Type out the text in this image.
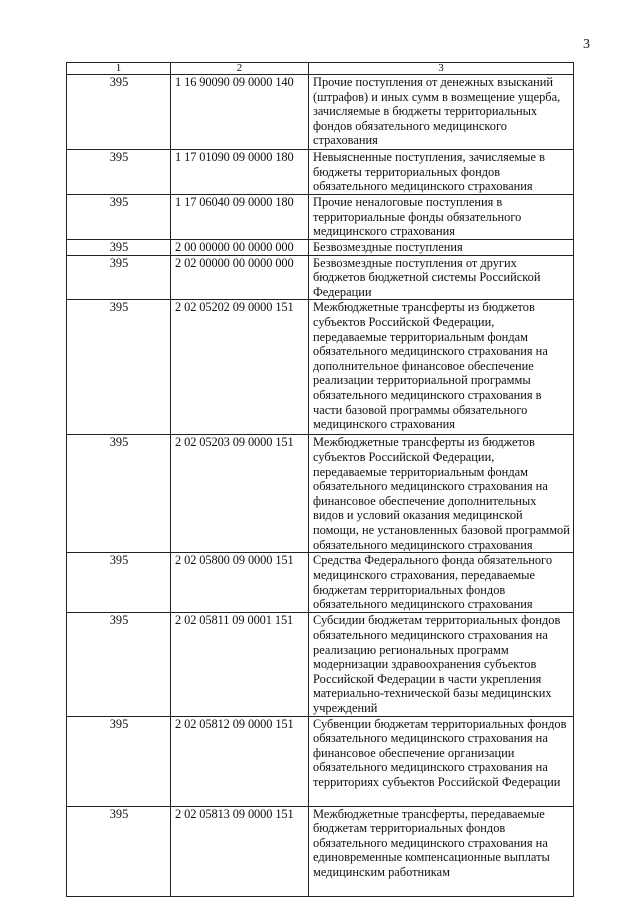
3
1	2	3
395	1 16 90090 09 0000 140	Прочие поступления от денежных взысканий (штрафов) и иных сумм в возмещение ущерба, зачисляемые в бюджеты территориальных фондов обязательного медицинского страхования
395	1 17 01090 09 0000 180	Невыясненные поступления, зачисляемые в бюджеты территориальных фондов обязательного медицинского страхования
395	1 17 06040 09 0000 180	Прочие неналоговые поступления в территориальные фонды обязательного медицинского страхования
395	2 00 00000 00 0000 000	Безвозмездные поступления
395	2 02 00000 00 0000 000	Безвозмездные поступления от других бюджетов бюджетной системы Российской Федерации
395	2 02 05202 09 0000 151	Межбюджетные трансферты из бюджетов субъектов Российской Федерации, передаваемые территориальным фондам обязательного медицинского страхования на дополнительное финансовое обеспечение реализации территориальной программы обязательного медицинского страхования в части базовой программы обязательного медицинского страхования
395	2 02 05203 09 0000 151	Межбюджетные трансферты из бюджетов субъектов Российской Федерации, передаваемые территориальным фондам обязательного медицинского страхования на финансовое обеспечение дополнительных видов и условий оказания медицинской помощи, не установленных базовой программой обязательного медицинского страхования
395	2 02 05800 09 0000 151	Средства Федерального фонда обязательного медицинского страхования, передаваемые бюджетам территориальных фондов обязательного медицинского страхования
395	2 02 05811 09 0001 151	Субсидии бюджетам территориальных фондов обязательного медицинского страхования на реализацию региональных программ модернизации здравоохранения субъектов Российской Федерации в части укрепления материально-технической базы медицинских учреждений
395	2 02 05812 09 0000 151	Субвенции бюджетам территориальных фондов обязательного медицинского страхования на финансовое обеспечение организации обязательного медицинского страхования на территориях субъектов Российской Федерации
395	2 02 05813 09 0000 151	Межбюджетные трансферты, передаваемые бюджетам территориальных фондов обязательного медицинского страхования на единовременные компенсационные выплаты медицинским работникам
